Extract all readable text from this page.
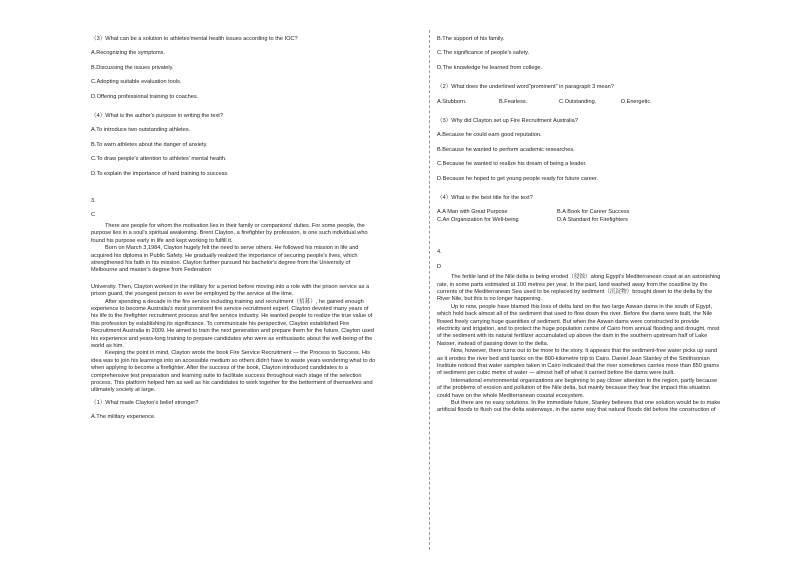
（3）What can be a solution to athletes'mental health issues according to the IOC?

A.Recognizing the symptoms.

B.Discussing the issues privately.

C.Adopting suitable evaluation tools.

D.Offering professional training to coaches.

（4）What is the author's purpose in writing the text?

A.To introduce two outstanding athletes.

B.To warn athletes about the danger of anxiety.

C.To draw people's attention to athletes' mental health.

D.To explain the importance of hard training to success.

3.

C

There are people for whom the motivation lies in their family or companions' duties. For some people, the

purpose lies in a soul's spiritual awakening. Brent Clayton, a firefighter by profession, is one such individual who

found his purpose early in life and kept working to fulfill it.

Born on March 3,1984, Clayton hugely felt the need to serve others. He followed his mission in life and

acquired his diploma in Public Safety. He gradually realized the importance of securing people's lives, which

strengthened his faith in his mission. Clayton further pursued his bachelor's degree from the University of

Melbourne and master's degree from Federation

University. Then, Clayton worked in the military for a period before moving into a role with the prison service as a

prison guard, the youngest person to ever be employed by the service at the time.

After spending a decade in the fire service including training and recruitment（招募）, he gained enough

experience to become Australia's most prominent fire service recruitment expert. Clayton devoted many years of

his life to the firefighter recruitment process and fire service industry. He wanted people to realize the true value of

this profession by establishing its significance. To communicate his perspective, Clayton established Fire

Recruitment Australia in 2009. He aimed to train the next generation and prepare them for the future. Clayton used

his experience and years-long training to prepare candidates who were as enthusiastic about the well-being of the

world as him.

Keeping the point in mind, Clayton wrote the book Fire Service Recruitment — the Process to Success. His

idea was to join his learnings into an accessible medium so others didn't have to waste years wondering what to do

when applying to become a firefighter. After the success of the book, Clayton introduced candidates to a

comprehensive test preparation and learning suite to facilitate success throughout each stage of the selection

process. This platform helped him as well as his candidates to work together for the betterment of themselves and

ultimately society at large.

（1）What made Clayton's belief stronger?

A.The military experience.

B.The support of his family.

C.The significance of people's safety.

D.The knowledge he learned from college.

（2）What does the underlined word"prominent" in paragraph 3 mean?

A.Stubborn.	B.Fearless.	C.Outstanding.	D.Energetic.

（3）Why did Clayton set up Fire Recruitment Australia?

A.Because he could earn good reputation.

B.Because he wanted to perform academic researches.

C.Because he wanted to realize his dream of being a leader.

D.Because he hoped to get young people ready for future career.

（4）What is the best title for the text?

A.A Man with Great Purpose	B.A Book for Career Success
C.An Organization for Well-being	D.A Standard for Firefighters

4.

D

The fertile land of the Nile delta is being eroded（侵蚀）along Egypt's Mediterranean coast at an astonishing

rate, in some parts estimated at 100 metres per year. In the past, land washed away from the coastline by the

currents of the Mediterranean Sea used to be replaced by sediment（沉淀物）brought down to the delta by the

River Nile, but this is no longer happening.

Up to now, people have blamed this loss of delta land on the two large Aswan dams in the south of Egypt,

which hold back almost all of the sediment that used to flow down the river. Before the dams were built, the Nile

flowed freely carrying huge quantities of sediment. But when the Aswan dams were constructed to provide

electricity and irrigation, and to protect the huge population centre of Cairo from annual flooding and drought, most

of the sediment with its natural fertilizer accumulated up above the dam in the southern upstream half of Lake

Nasser, instead of passing down to the delta.

Now, however, there turns out to be more to the story. It appears that the sediment-free water picks up sand

as it erodes the river bed and banks on the 800-kilometre trip to Cairo. Daniel Jean Stanley of the Smithsonian

Institute noticed that water samples taken in Cairo indicated that the river sometimes carries more than 850 grams

of sediment per cubic metre of water — almost half of what it carried before the dams were built.

International environmental organizations are beginning to pay closer attention to the region, partly because

of the problems of erosion and pollution of the Nile delta, but mainly because they fear the impact this situation

could have on the whole Mediterranean coastal ecosystem.

But there are no easy solutions. In the immediate future, Stanley believes that one solution would be to make

artificial floods to flush out the delta waterways, in the same way that natural floods did before the construction of
